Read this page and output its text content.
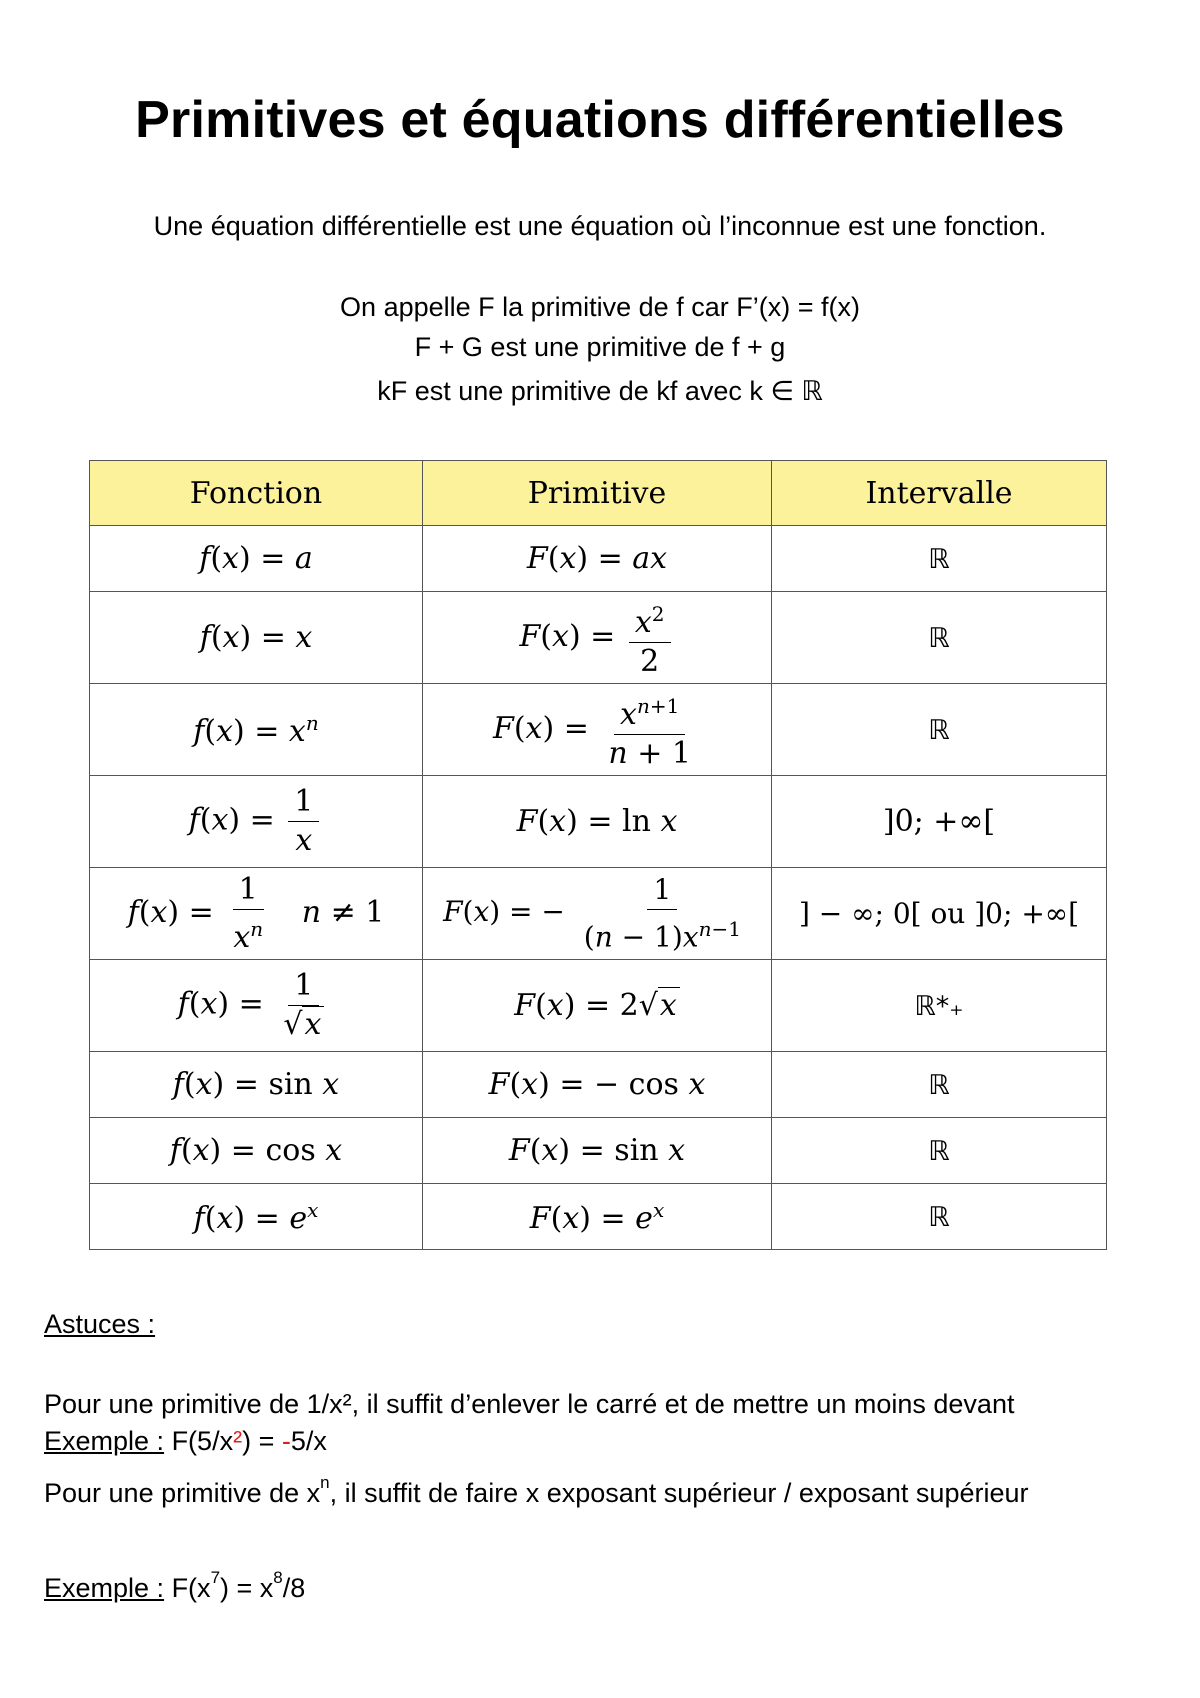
Primitives et équations différentielles
Une équation différentielle est une équation où l’inconnue est une fonction.
On appelle F la primitive de f car F’(x) = f(x)
F + G est une primitive de f + g
kF est une primitive de kf avec k ∈ ℝ
Fonction	Primitive	Intervalle
f(x) = a	F(x) = ax	ℝ
f(x) = x	$F(x) = \frac{x^2}{2}$	ℝ
$f(x) = x^n$	$F(x) = \frac{x^{n+1}}{n + 1}$	ℝ
$f(x) = \frac{1}{x}$	F(x) = ln x	]0; +∞[
$f(x) = \frac{1}{x^n}$ n ≠ 1	F(x) = − $\frac{1}{(n - 1)x^{n-1}}$	] − ∞; 0[ ou ]0; +∞[
$f(x) = \frac{1}{√x}$	F(x) = 2√x	ℝ*₊
f(x) = sin x	F(x) = − cos x	ℝ
f(x) = cos x	F(x) = sin x	ℝ
$f(x) = e^x$	$F(x) = e^x$	ℝ
Astuces :
Pour une primitive de 1/x², il suffit d’enlever le carré et de mettre un moins devant
Exemple : F(5/x²) = -5/x
Pour une primitive de $x^n$, il suffit de faire x exposant supérieur / exposant supérieur
Exemple : $F(x^7) = x^8/8$
